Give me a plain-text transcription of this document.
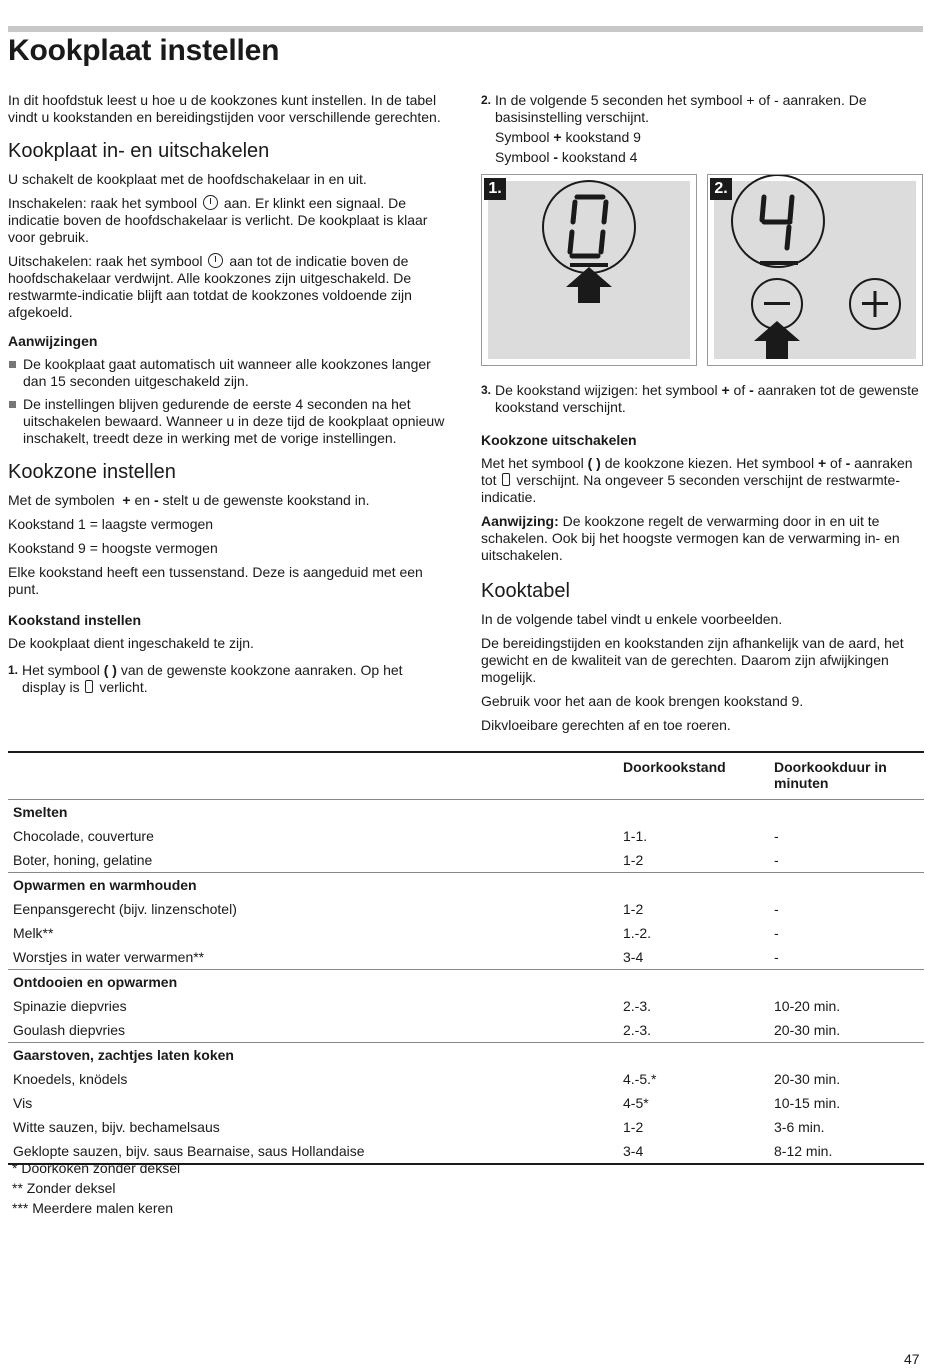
Kookplaat instellen

In dit hoofdstuk leest u hoe u de kookzones kunt instellen. In de tabel vindt u kookstanden en bereidingstijden voor verschillende gerechten.

Kookplaat in- en uitschakelen

U schakelt de kookplaat met de hoofdschakelaar in en uit.

Inschakelen: raak het symbool aan. Er klinkt een signaal. De indicatie boven de hoofdschakelaar is verlicht. De kookplaat is klaar voor gebruik.

Uitschakelen: raak het symbool aan tot de indicatie boven de hoofdschakelaar verdwijnt. Alle kookzones zijn uitgeschakeld. De restwarmte-indicatie blijft aan totdat de kookzones voldoende zijn afgekoeld.

Aanwijzingen
De kookplaat gaat automatisch uit wanneer alle kookzones langer dan 15 seconden uitgeschakeld zijn.
De instellingen blijven gedurende de eerste 4 seconden na het uitschakelen bewaard. Wanneer u in deze tijd de kookplaat opnieuw inschakelt, treedt deze in werking met de vorige instellingen.
Kookzone instellen

Met de symbolen + en - stelt u de gewenste kookstand in.

Kookstand 1 = laagste vermogen

Kookstand 9 = hoogste vermogen

Elke kookstand heeft een tussenstand. Deze is aangeduid met een punt.

Kookstand instellen

De kookplaat dient ingeschakeld te zijn.

1. Het symbool ( ) van de gewenste kookzone aanraken. Op het display is verlicht.
2. In de volgende 5 seconden het symbool + of - aanraken. De basisinstelling verschijnt.

Symbool + kookstand 9

Symbool - kookstand 4

1.	2.
3. De kookstand wijzigen: het symbool + of - aanraken tot de gewenste kookstand verschijnt.
Kookzone uitschakelen

Met het symbool ( ) de kookzone kiezen. Het symbool + of - aanraken tot verschijnt. Na ongeveer 5 seconden verschijnt de restwarmte-indicatie.

Aanwijzing: De kookzone regelt de verwarming door in en uit te schakelen. Ook bij het hoogste vermogen kan de verwarming in- en uitschakelen.

Kooktabel

In de volgende tabel vindt u enkele voorbeelden.

De bereidingstijden en kookstanden zijn afhankelijk van de aard, het gewicht en de kwaliteit van de gerechten. Daarom zijn afwijkingen mogelijk.

Gebruik voor het aan de kook brengen kookstand 9.

Dikvloeibare gerechten af en toe roeren.

	Doorkookstand	Doorkookduur in minuten
Smelten		
Chocolade, couverture	1-1.	-
Boter, honing, gelatine	1-2	-
Opwarmen en warmhouden		
Eenpansgerecht (bijv. linzenschotel)	1-2	-
Melk**	1.-2.	-
Worstjes in water verwarmen**	3-4	-
Ontdooien en opwarmen		
Spinazie diepvries	2.-3.	10-20 min.
Goulash diepvries	2.-3.	20-30 min.
Gaarstoven, zachtjes laten koken		
Knoedels, knödels	4.-5.*	20-30 min.
Vis	4-5*	10-15 min.
Witte sauzen, bijv. bechamelsaus	1-2	3-6 min.
Geklopte sauzen, bijv. saus Bearnaise, saus Hollandaise	3-4	8-12 min.
* Doorkoken zonder deksel
** Zonder deksel
*** Meerdere malen keren
47
